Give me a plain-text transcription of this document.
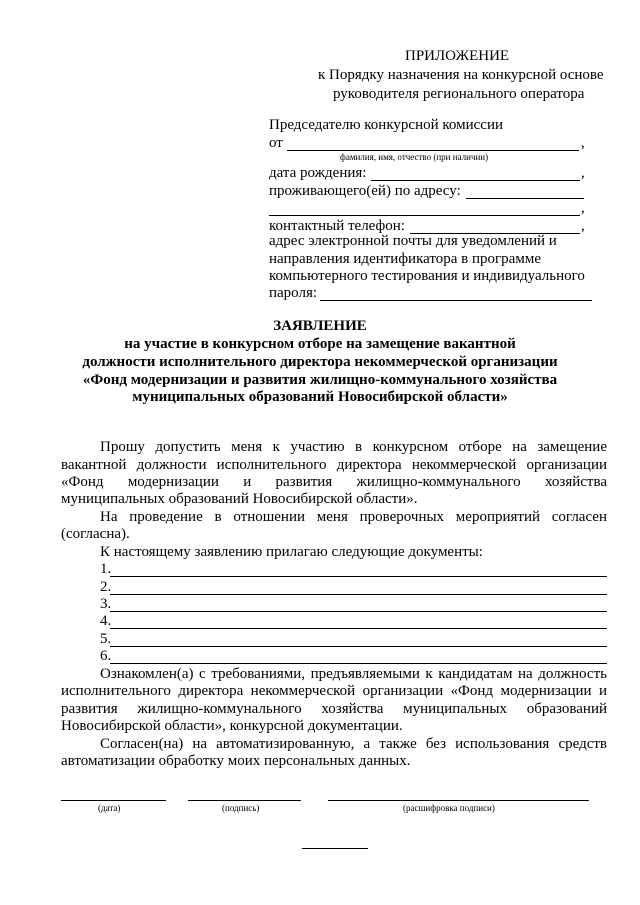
ПРИЛОЖЕНИЕ
к Порядку назначения на конкурсной основе
руководителя регионального оператора
Председателю конкурсной комиссии
от	,
фамилия, имя, отчество (при наличии)
дата рождения:	,
проживающего(ей) по адресу:
,
контактный телефон:	,
адрес электронной почты для уведомлений и
направления идентификатора в программе
компьютерного тестирования и индивидуального
пароля:
ЗАЯВЛЕНИЕ
на участие в конкурсном отборе на замещение вакантной
должности исполнительного директора некоммерческой организации
«Фонд модернизации и развития жилищно-коммунального хозяйства
муниципальных образований Новосибирской области»
Прошу допустить меня к участию в конкурсном отборе на замещение
вакантной должности исполнительного директора некоммерческой организации
«Фонд модернизации и развития жилищно-коммунального хозяйства
муниципальных образований Новосибирской области».
На проведение в отношении меня проверочных мероприятий согласен
(согласна).
К настоящему заявлению прилагаю следующие документы:
1.
2.
3.
4.
5.
6.
Ознакомлен(а) с требованиями, предъявляемыми к кандидатам на должность
исполнительного директора некоммерческой организации «Фонд модернизации и
развития жилищно-коммунального хозяйства муниципальных образований
Новосибирской области», конкурсной документации.
Согласен(на) на автоматизированную, а также без использования средств
автоматизации обработку моих персональных данных.
(дата)	(подпись)	(расшифровка подписи)
